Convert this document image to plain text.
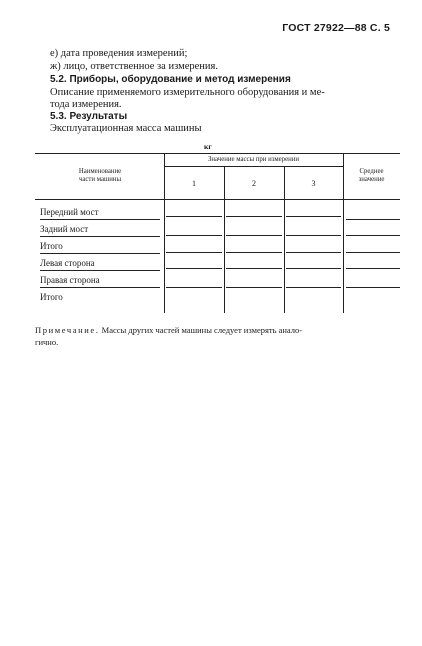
ГОСТ 27922—88 С. 5
е) дата проведения измерений;
ж) лицо, ответственное за измерения.
5.2. Приборы, оборудование и метод измерения
Описание применяемого измерительного оборудования и ме-
тода измерения.
5.3. Результаты
Эксплуатационная масса машины
кг
Наименование
части машины
Значение массы при измерении
1	2	3
Среднее
значение
Передний мост
Задний мост
Итого
Левая сторона
Правая сторона
Итого
Примечание. Массы других частей машины следует измерять анало-
гично.
